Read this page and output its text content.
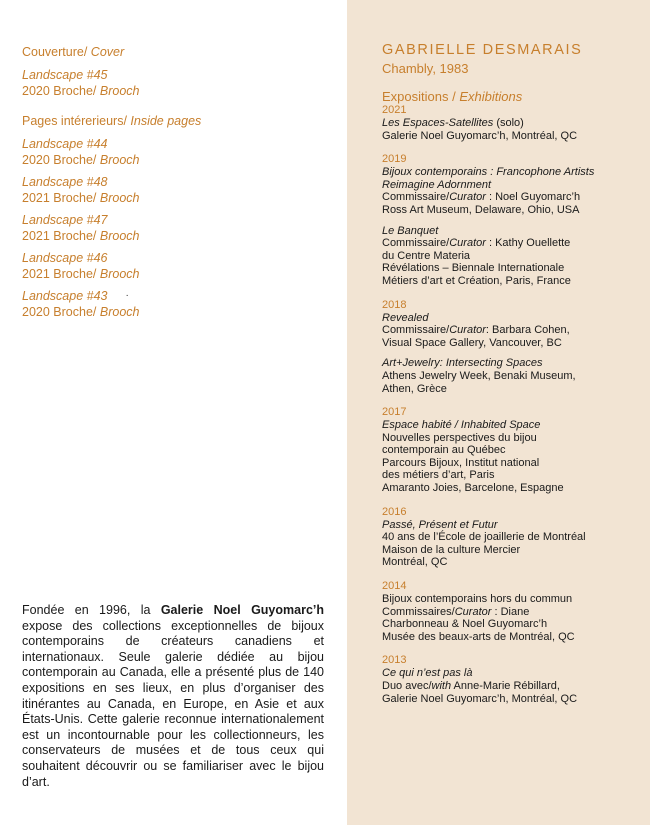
Couverture/ Cover
Landscape #45
2020 Broche/ Brooch
Pages intérerieurs/ Inside pages
Landscape #44
2020 Broche/ Brooch
Landscape #48
2021 Broche/ Brooch
Landscape #47
2021 Broche/ Brooch
Landscape #46
2021 Broche/ Brooch
Landscape #43 ·
2020 Broche/ Brooch
Fondée en 1996, la Galerie Noel Guyomarc’h expose des collections exceptionnelles de bijoux contemporains de créateurs canadiens et internationaux. Seule galerie dédiée au bijou contemporain au Canada, elle a présenté plus de 140 expositions en ses lieux, en plus d’organiser des itinérantes au Canada, en Europe, en Asie et aux États-Unis. Cette galerie reconnue internationalement est un incontournable pour les collectionneurs, les conservateurs de musées et de tous ceux qui souhaitent découvrir ou se familiariser avec le bijou d’art.
GABRIELLE DESMARAIS
Chambly, 1983
Expositions / Exhibitions
2021
Les Espaces-Satellites (solo)
Galerie Noel Guyomarc’h, Montréal, QC
2019
Bijoux contemporains : Francophone Artists
Reimagine Adornment
Commissaire/Curator : Noel Guyomarc’h
Ross Art Museum, Delaware, Ohio, USA
Le Banquet
Commissaire/Curator : Kathy Ouellette
du Centre Materia
Révélations – Biennale Internationale
Métiers d’art et Création, Paris, France
2018
Revealed
Commissaire/Curator: Barbara Cohen,
Visual Space Gallery, Vancouver, BC
Art+Jewelry: Intersecting Spaces
Athens Jewelry Week, Benaki Museum,
Athen, Grèce
2017
Espace habité / Inhabited Space
Nouvelles perspectives du bijou
contemporain au Québec
Parcours Bijoux, Institut national
des métiers d’art, Paris
Amaranto Joies, Barcelone, Espagne
2016
Passé, Présent et Futur
40 ans de l’École de joaillerie de Montréal
Maison de la culture Mercier
Montréal, QC
2014
Bijoux contemporains hors du commun
Commissaires/Curator : Diane
Charbonneau & Noel Guyomarc’h
Musée des beaux-arts de Montréal, QC
2013
Ce qui n’est pas là
Duo avec/with Anne-Marie Rébillard,
Galerie Noel Guyomarc’h, Montréal, QC
